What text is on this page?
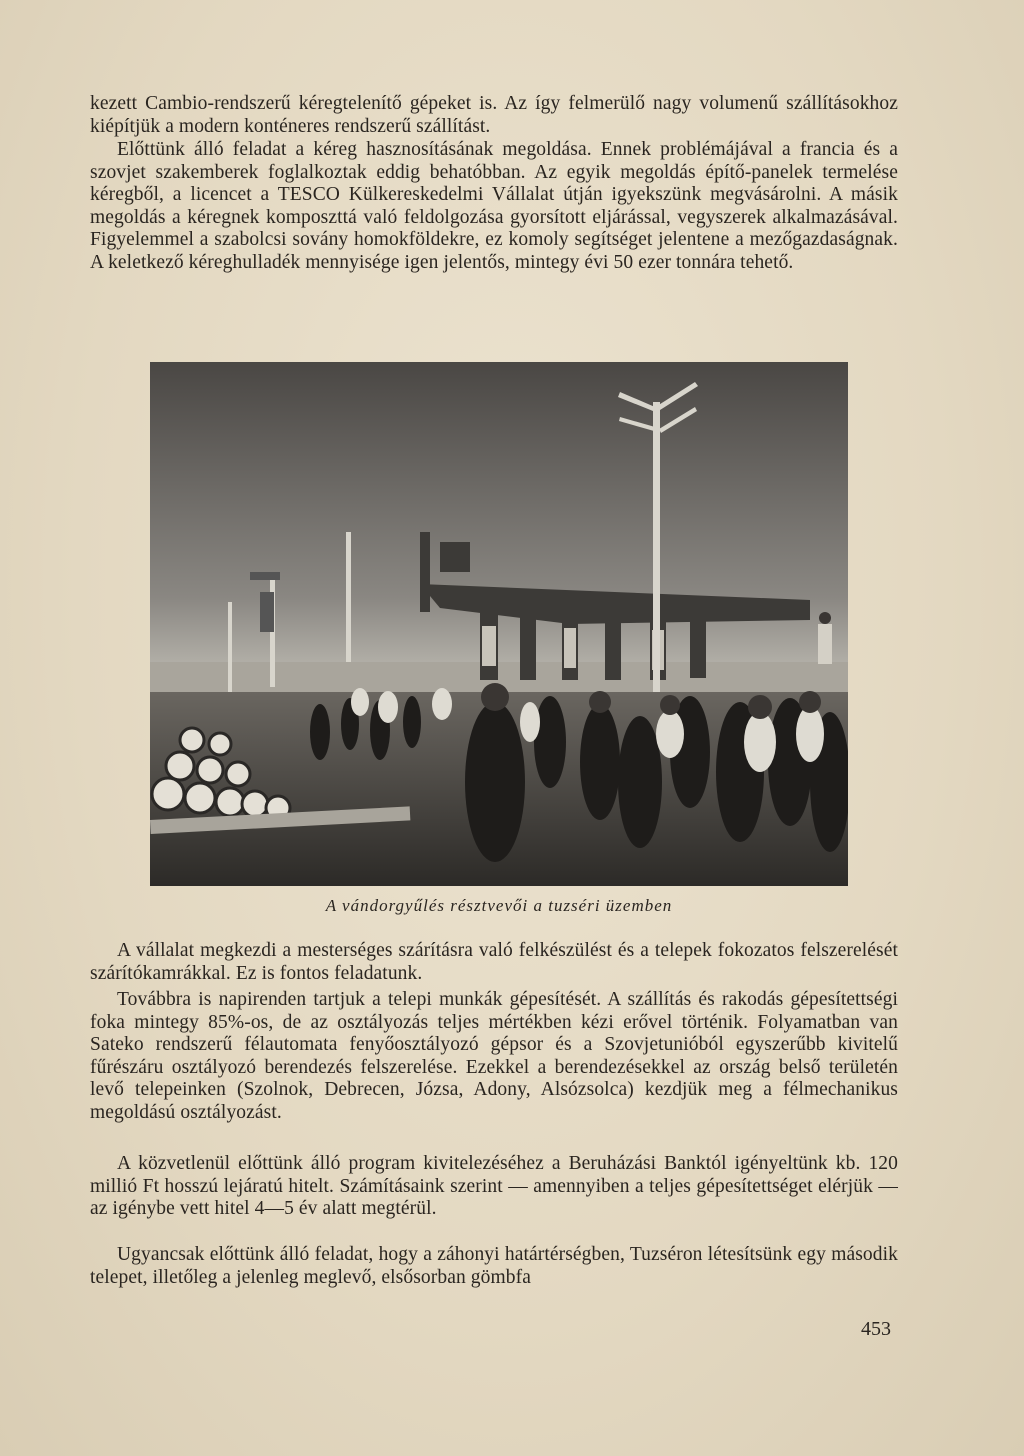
kezett Cambio-rendszerű kéregtelenítő gépeket is. Az így felmerülő nagy volumenű szállításokhoz kiépítjük a modern konténeres rendszerű szállítást.

Előttünk álló feladat a kéreg hasznosításának megoldása. Ennek problémájával a francia és a szovjet szakemberek foglalkoztak eddig behatóbban. Az egyik megoldás építő-panelek termelése kéregből, a licencet a TESCO Külkereskedelmi Vállalat útján igyekszünk megvásárolni. A másik megoldás a kéregnek komposzttá való feldolgozása gyorsított eljárással, vegyszerek alkalmazásával. Figyelemmel a szabolcsi sovány homokföldekre, ez komoly segítséget jelentene a mezőgazdaságnak. A keletkező kéreghulladék mennyisége igen jelentős, mintegy évi 50 ezer tonnára tehető.

A vándorgyűlés résztvevői a tuzséri üzemben

A vállalat megkezdi a mesterséges szárításra való felkészülést és a telepek fokozatos felszerelését szárítókamrákkal. Ez is fontos feladatunk.

Továbbra is napirenden tartjuk a telepi munkák gépesítését. A szállítás és rakodás gépesítettségi foka mintegy 85%-os, de az osztályozás teljes mértékben kézi erővel történik. Folyamatban van Sateko rendszerű félautomata fenyőosztályozó gépsor és a Szovjetunióból egyszerűbb kivitelű fűrészáru osztályozó berendezés felszerelése. Ezekkel a berendezésekkel az ország belső területén levő telepeinken (Szolnok, Debrecen, Józsa, Adony, Alsózsolca) kezdjük meg a félmechanikus megoldású osztályozást.

A közvetlenül előttünk álló program kivitelezéséhez a Beruházási Banktól igényeltünk kb. 120 millió Ft hosszú lejáratú hitelt. Számításaink szerint — amennyiben a teljes gépesítettséget elérjük — az igénybe vett hitel 4—5 év alatt megtérül.

Ugyancsak előttünk álló feladat, hogy a záhonyi határtérségben, Tuzséron létesítsünk egy második telepet, illetőleg a jelenleg meglevő, elsősorban gömbfa

453
